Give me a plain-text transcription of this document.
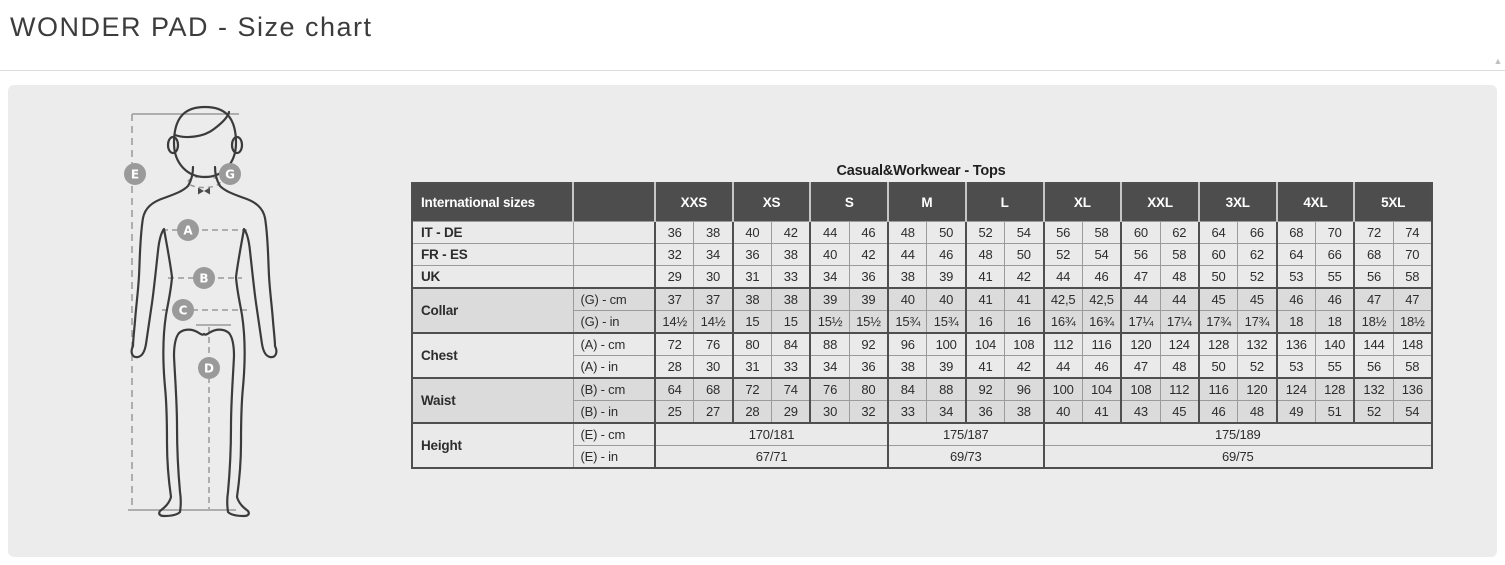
WONDER PAD - Size chart
▲
E	G
A
B
C
D
Casual&Workwear - Tops
International sizes		XXS		XS		S		M		L		XL		XXL		3XL		4XL		5XL	
IT - DE		36	38	40	42	44	46	48	50	52	54	56	58	60	62	64	66	68	70	72	74
FR - ES		32	34	36	38	40	42	44	46	48	50	52	54	56	58	60	62	64	66	68	70
UK		29	30	31	33	34	36	38	39	41	42	44	46	47	48	50	52	53	55	56	58
Collar	(G) - cm	37	37	38	38	39	39	40	40	41	41	42,5	42,5	44	44	45	45	46	46	47	47
	(G) - in	14½	14½	15	15	15½	15½	15¾	15¾	16	16	16¾	16¾	17¼	17¼	17¾	17¾	18	18	18½	18½
Chest	(A) - cm	72	76	80	84	88	92	96	100	104	108	112	116	120	124	128	132	136	140	144	148
	(A) - in	28	30	31	33	34	36	38	39	41	42	44	46	47	48	50	52	53	55	56	58
Waist	(B) - cm	64	68	72	74	76	80	84	88	92	96	100	104	108	112	116	120	124	128	132	136
	(B) - in	25	27	28	29	30	32	33	34	36	38	40	41	43	45	46	48	49	51	52	54
Height	(E) - cm	170/181						175/187				175/189									
	(E) - in	67/71						69/73				69/75									
